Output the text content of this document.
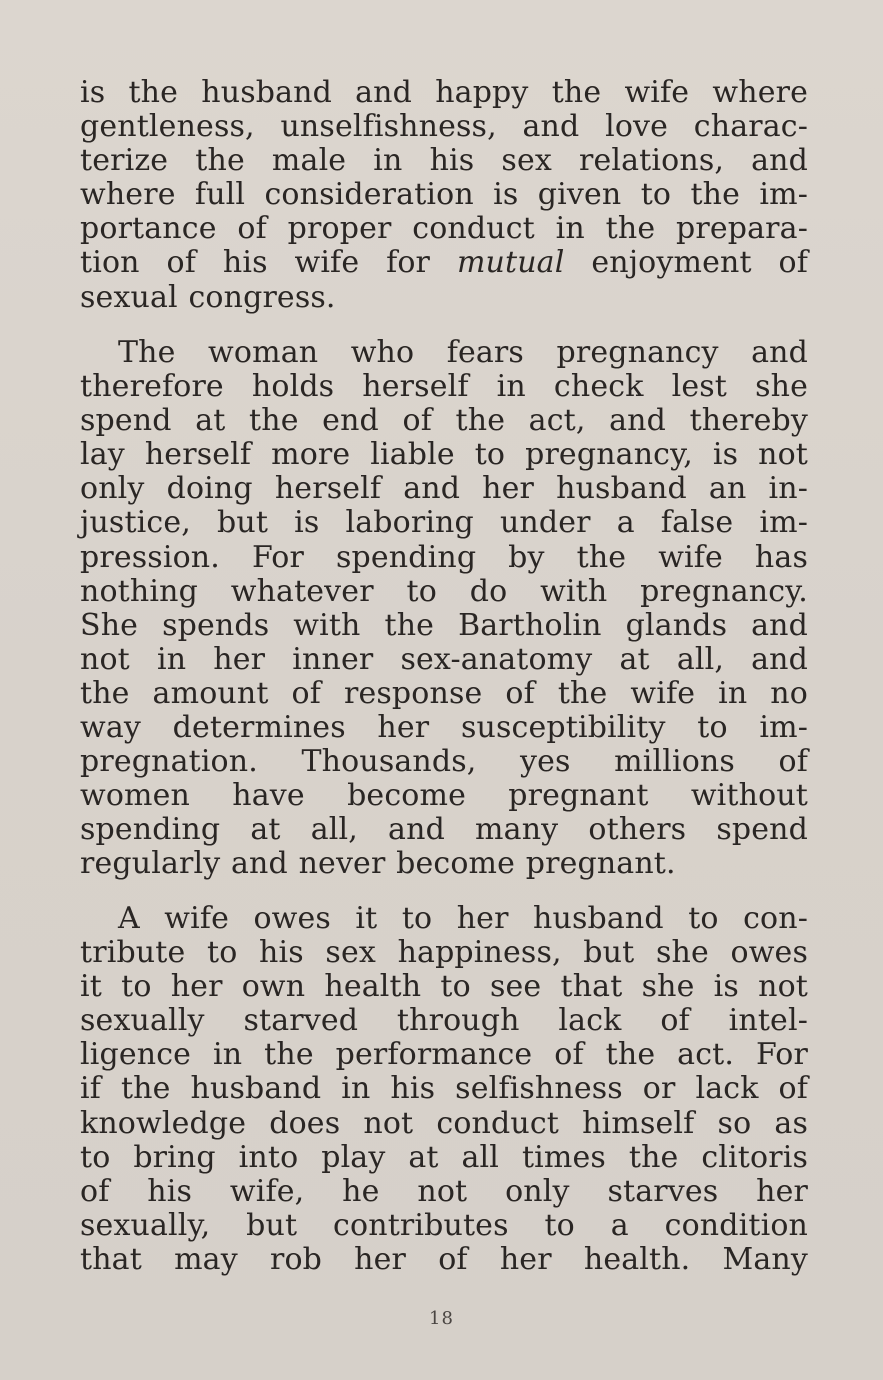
is the husband and happy the wife where
gentleness, unselfishness, and love charac-
terize the male in his sex relations, and
where full consideration is given to the im-
portance of proper conduct in the prepara-
tion of his wife for mutual enjoyment of
sexual congress.
The woman who fears pregnancy and
therefore holds herself in check lest she
spend at the end of the act, and thereby
lay herself more liable to pregnancy, is not
only doing herself and her husband an in-
justice, but is laboring under a false im-
pression. For spending by the wife has
nothing whatever to do with pregnancy.
She spends with the Bartholin glands and
not in her inner sex-anatomy at all, and
the amount of response of the wife in no
way determines her susceptibility to im-
pregnation. Thousands, yes millions of
women have become pregnant without
spending at all, and many others spend
regularly and never become pregnant.
A wife owes it to her husband to con-
tribute to his sex happiness, but she owes
it to her own health to see that she is not
sexually starved through lack of intel-
ligence in the performance of the act. For
if the husband in his selfishness or lack of
knowledge does not conduct himself so as
to bring into play at all times the clitoris
of his wife, he not only starves her
sexually, but contributes to a condition
that may rob her of her health. Many
18
